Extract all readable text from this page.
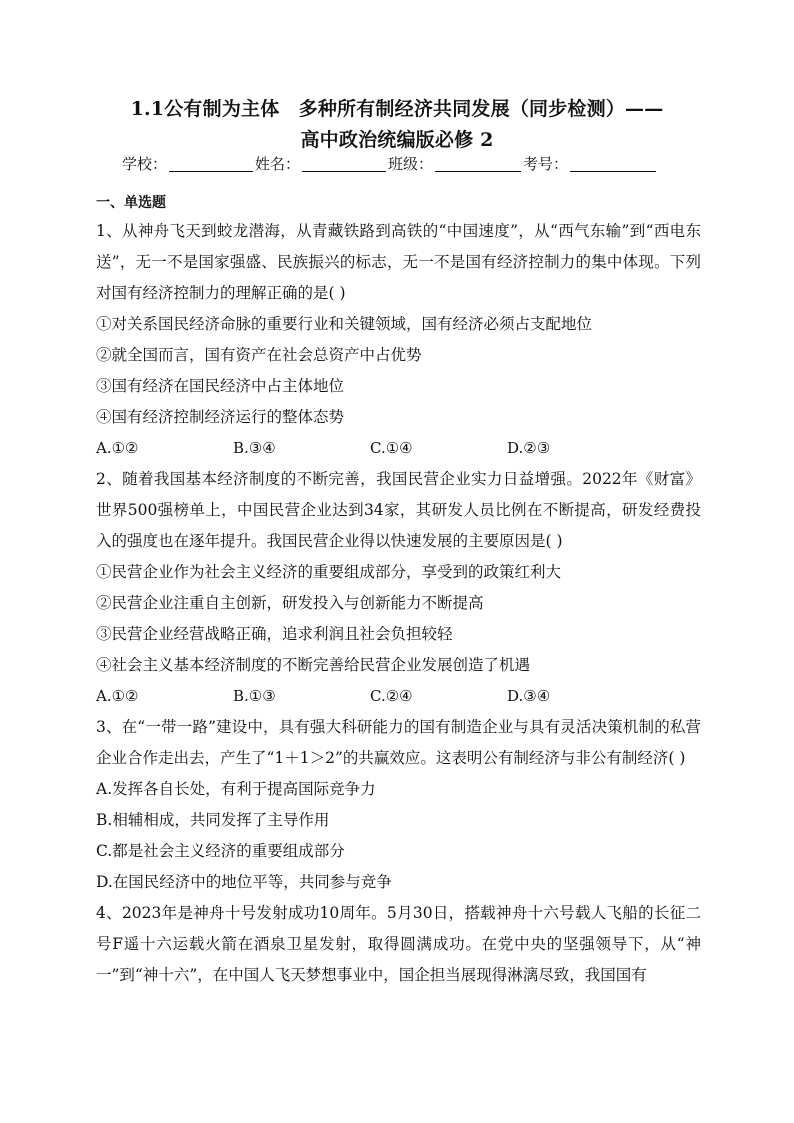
1.1公有制为主体　多种所有制经济共同发展（同步检测）——
高中政治统编版必修 2
学校：	姓名：	班级：	考号：
一、单选题
1、从神舟飞天到蛟龙潜海，从青藏铁路到高铁的“中国速度”，从“西气东输”到“西电东送”，无一不是国家强盛、民族振兴的标志，无一不是国有经济控制力的集中体现。下列对国有经济控制力的理解正确的是( )
①对关系国民经济命脉的重要行业和关键领域，国有经济必须占支配地位
②就全国而言，国有资产在社会总资产中占优势
③国有经济在国民经济中占主体地位
④国有经济控制经济运行的整体态势
A.①②	B.③④	C.①④	D.②③
2、随着我国基本经济制度的不断完善，我国民营企业实力日益增强。2022年《财富》世界500强榜单上，中国民营企业达到34家，其研发人员比例在不断提高，研发经费投入的强度也在逐年提升。我国民营企业得以快速发展的主要原因是( )
①民营企业作为社会主义经济的重要组成部分，享受到的政策红利大
②民营企业注重自主创新，研发投入与创新能力不断提高
③民营企业经营战略正确，追求利润且社会负担较轻
④社会主义基本经济制度的不断完善给民营企业发展创造了机遇
A.①②	B.①③	C.②④	D.③④
3、在“一带一路”建设中，具有强大科研能力的国有制造企业与具有灵活决策机制的私营企业合作走出去，产生了“1＋1＞2”的共赢效应。这表明公有制经济与非公有制经济( )
A.发挥各自长处，有利于提高国际竞争力
B.相辅相成，共同发挥了主导作用
C.都是社会主义经济的重要组成部分
D.在国民经济中的地位平等，共同参与竞争
4、2023年是神舟十号发射成功10周年。5月30日，搭载神舟十六号载人飞船的长征二号F遥十六运载火箭在酒泉卫星发射，取得圆满成功。在党中央的坚强领导下，从“神一”到“神十六”，在中国人飞天梦想事业中，国企担当展现得淋漓尽致，我国国有
